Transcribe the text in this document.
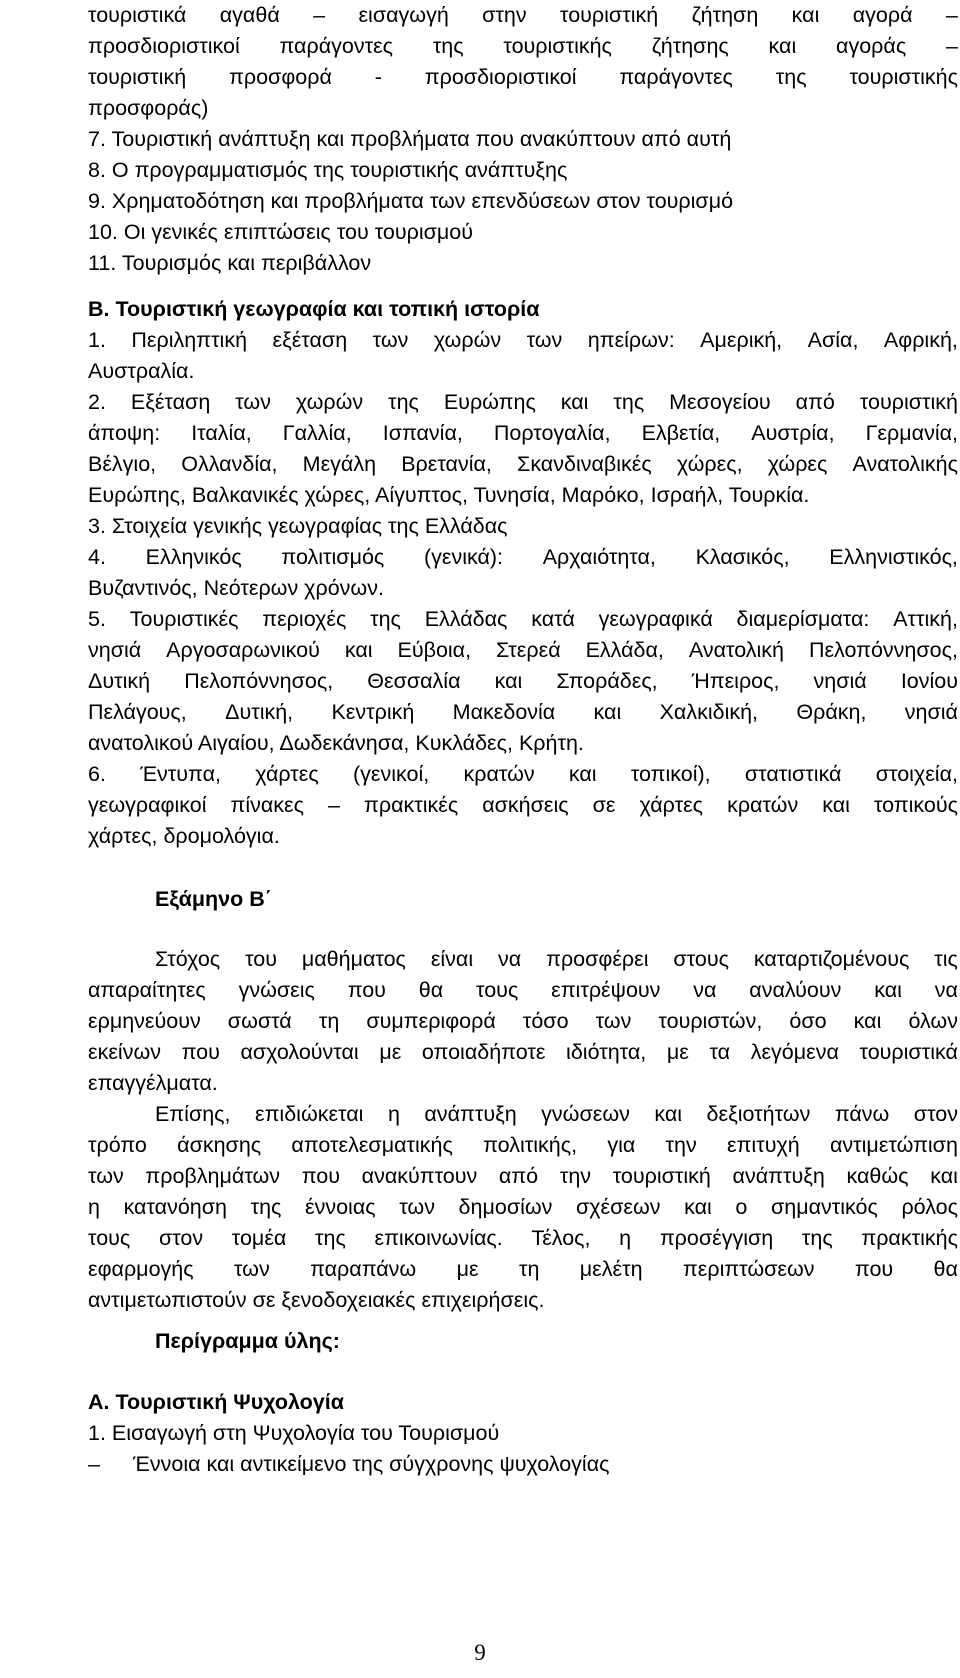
τουριστικά αγαθά – εισαγωγή στην τουριστική ζήτηση και αγορά –
προσδιοριστικοί παράγοντες της τουριστικής ζήτησης και αγοράς –
τουριστική προσφορά - προσδιοριστικοί παράγοντες της τουριστικής
προσφοράς)
7. Τουριστική ανάπτυξη και προβλήματα που ανακύπτουν από αυτή
8. Ο προγραμματισμός της τουριστικής ανάπτυξης
9. Χρηματοδότηση και προβλήματα των επενδύσεων στον τουρισμό
10. Οι γενικές επιπτώσεις του τουρισμού
11. Τουρισμός και περιβάλλον
Β. Τουριστική γεωγραφία και τοπική ιστορία
1. Περιληπτική εξέταση των χωρών των ηπείρων: Αμερική, Ασία, Αφρική,
Αυστραλία.
2. Εξέταση των χωρών της Ευρώπης και της Μεσογείου από τουριστική
άποψη: Ιταλία, Γαλλία, Ισπανία, Πορτογαλία, Ελβετία, Αυστρία, Γερμανία,
Βέλγιο, Ολλανδία, Μεγάλη Βρετανία, Σκανδιναβικές χώρες, χώρες Ανατολικής
Ευρώπης, Βαλκανικές χώρες, Αίγυπτος, Τυνησία, Μαρόκο, Ισραήλ, Τουρκία.
3. Στοιχεία γενικής γεωγραφίας της Ελλάδας
4. Ελληνικός πολιτισμός (γενικά): Αρχαιότητα, Κλασικός, Ελληνιστικός,
Βυζαντινός, Νεότερων χρόνων.
5. Τουριστικές περιοχές της Ελλάδας κατά γεωγραφικά διαμερίσματα: Αττική,
νησιά Αργοσαρωνικού και Εύβοια, Στερεά Ελλάδα, Ανατολική Πελοπόννησος,
Δυτική Πελοπόννησος, Θεσσαλία και Σποράδες, Ήπειρος, νησιά Ιονίου
Πελάγους, Δυτική, Κεντρική Μακεδονία και Χαλκιδική, Θράκη, νησιά
ανατολικού Αιγαίου, Δωδεκάνησα, Κυκλάδες, Κρήτη.
6. Έντυπα, χάρτες (γενικοί, κρατών και τοπικοί), στατιστικά στοιχεία,
γεωγραφικοί πίνακες – πρακτικές ασκήσεις σε χάρτες κρατών και τοπικούς
χάρτες, δρομολόγια.
Εξάμηνο Β΄
Στόχος του μαθήματος είναι να προσφέρει στους καταρτιζομένους τις
απαραίτητες γνώσεις που θα τους επιτρέψουν να αναλύουν και να
ερμηνεύουν σωστά τη συμπεριφορά τόσο των τουριστών, όσο και όλων
εκείνων που ασχολούνται με οποιαδήποτε ιδιότητα, με τα λεγόμενα τουριστικά
επαγγέλματα.
Επίσης, επιδιώκεται η ανάπτυξη γνώσεων και δεξιοτήτων πάνω στον
τρόπο άσκησης αποτελεσματικής πολιτικής, για την επιτυχή αντιμετώπιση
των προβλημάτων που ανακύπτουν από την τουριστική ανάπτυξη καθώς και
η κατανόηση της έννοιας των δημοσίων σχέσεων και ο σημαντικός ρόλος
τους στον τομέα της επικοινωνίας. Τέλος, η προσέγγιση της πρακτικής
εφαρμογής των παραπάνω με τη μελέτη περιπτώσεων που θα
αντιμετωπιστούν σε ξενοδοχειακές επιχειρήσεις.
Περίγραμμα ύλης:
Α. Τουριστική Ψυχολογία
1. Εισαγωγή στη Ψυχολογία του Τουρισμού
–	Έννοια και αντικείμενο της σύγχρονης ψυχολογίας
9
